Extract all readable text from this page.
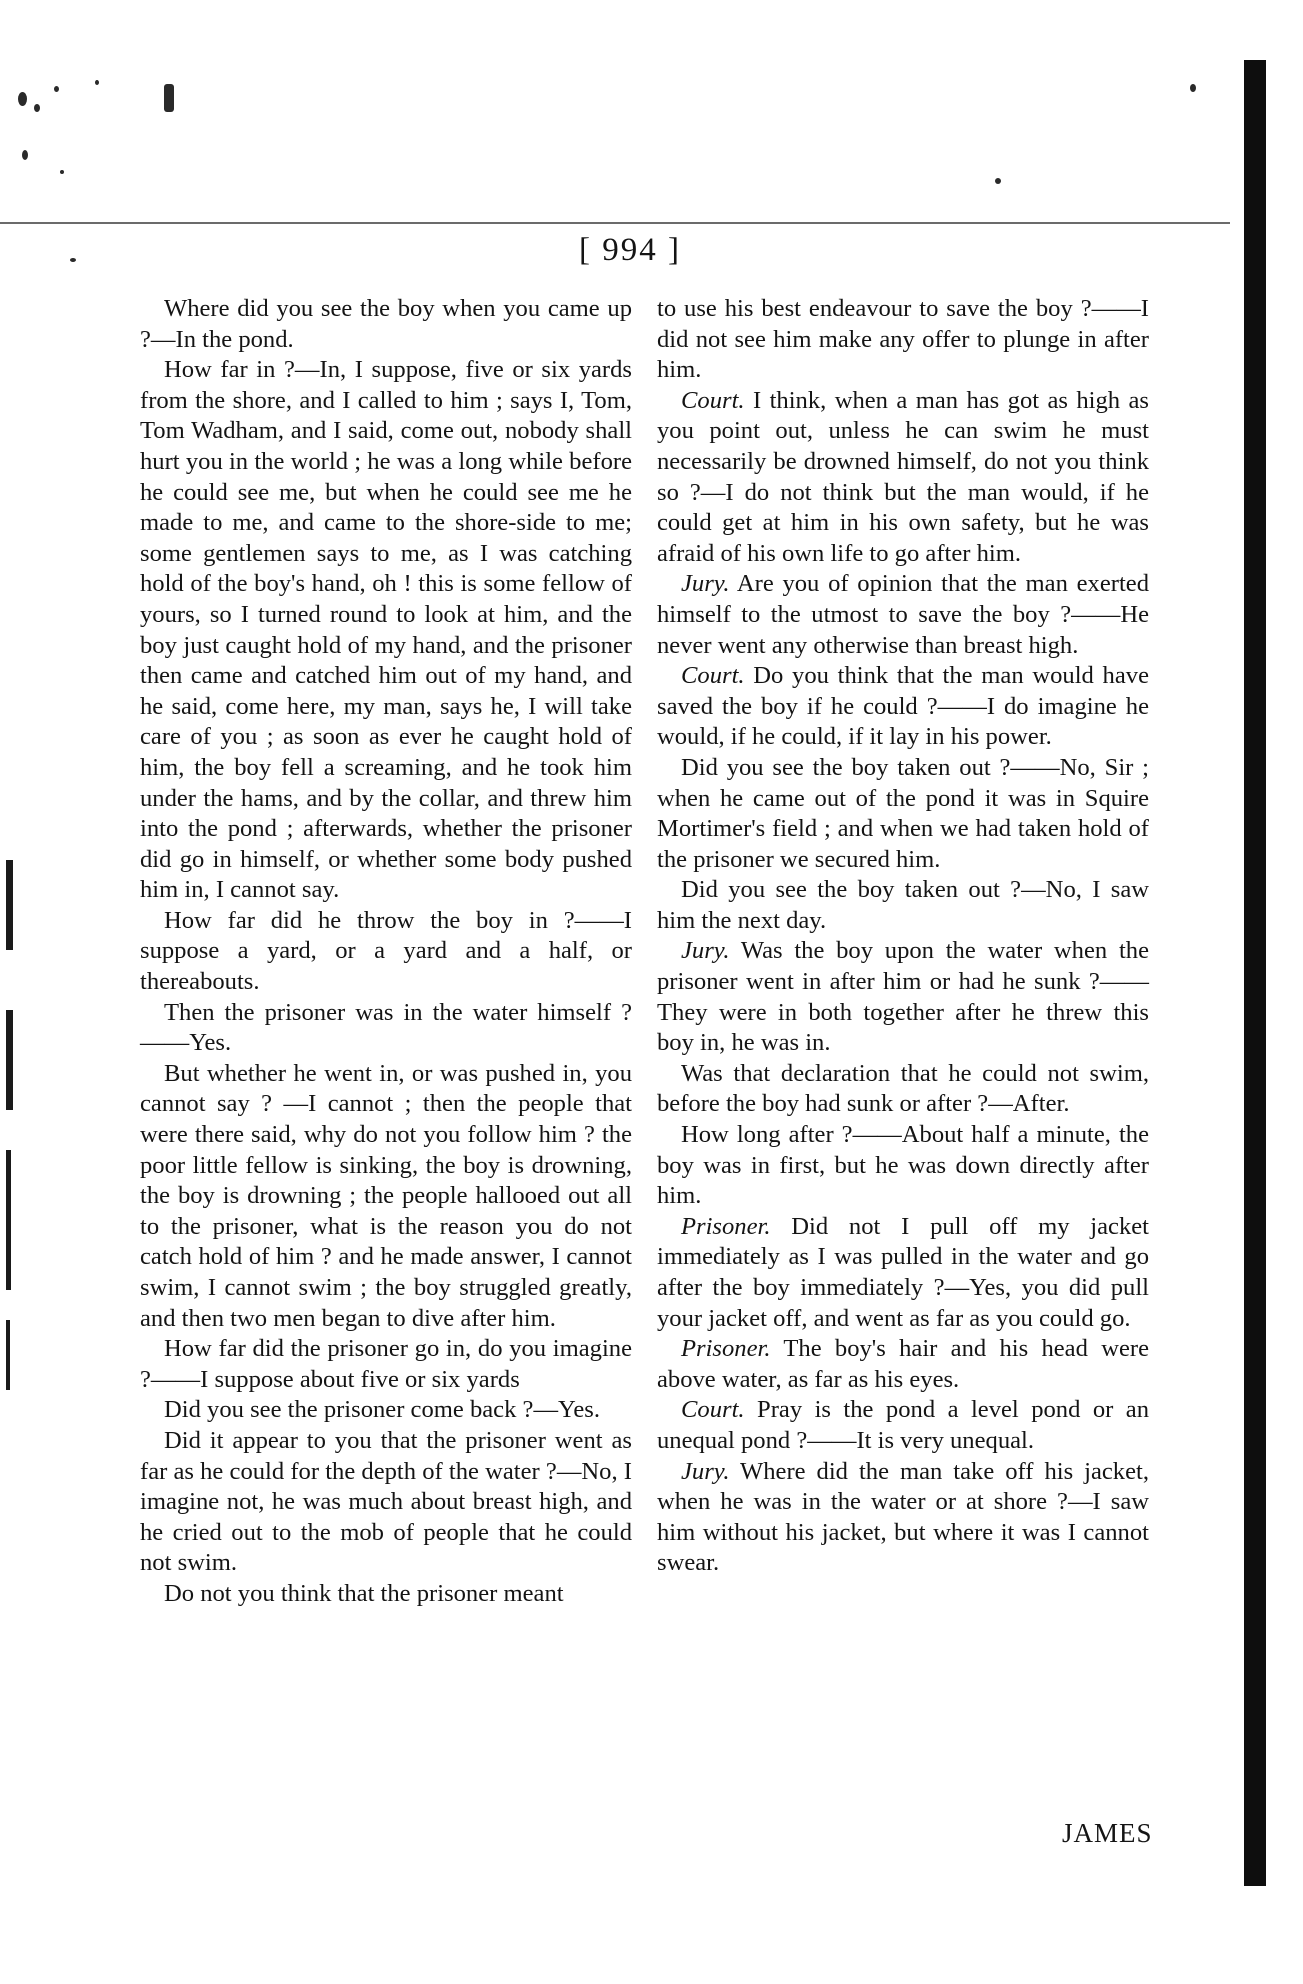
[ 994 ]

Where did you see the boy when you came up ?—In the pond.

How far in ?—In, I suppose, five or six yards from the shore, and I called to him ; says I, Tom, Tom Wadham, and I said, come out, nobody shall hurt you in the world ; he was a long while before he could see me, but when he could see me he made to me, and came to the shore-side to me; some gentlemen says to me, as I was catching hold of the boy's hand, oh ! this is some fellow of yours, so I turned round to look at him, and the boy just caught hold of my hand, and the prisoner then came and catched him out of my hand, and he said, come here, my man, says he, I will take care of you ; as soon as ever he caught hold of him, the boy fell a screaming, and he took him under the hams, and by the collar, and threw him into the pond ; afterwards, whether the prisoner did go in himself, or whether some body pushed him in, I cannot say.

How far did he throw the boy in ?——I suppose a yard, or a yard and a half, or thereabouts.

Then the prisoner was in the water himself ?——Yes.

But whether he went in, or was pushed in, you cannot say ? —I cannot ; then the people that were there said, why do not you follow him ? the poor little fellow is sinking, the boy is drowning, the boy is drowning ; the people hallooed out all to the prisoner, what is the reason you do not catch hold of him ? and he made answer, I cannot swim, I cannot swim ; the boy struggled greatly, and then two men began to dive after him.

How far did the prisoner go in, do you imagine ?——I suppose about five or six yards

Did you see the prisoner come back ?—Yes.

Did it appear to you that the prisoner went as far as he could for the depth of the water ?—No, I imagine not, he was much about breast high, and he cried out to the mob of people that he could not swim.

Do not you think that the prisoner meant

to use his best endeavour to save the boy ?——I did not see him make any offer to plunge in after him.

Court. I think, when a man has got as high as you point out, unless he can swim he must necessarily be drowned himself, do not you think so ?—I do not think but the man would, if he could get at him in his own safety, but he was afraid of his own life to go after him.

Jury. Are you of opinion that the man exerted himself to the utmost to save the boy ?——He never went any otherwise than breast high.

Court. Do you think that the man would have saved the boy if he could ?——I do imagine he would, if he could, if it lay in his power.

Did you see the boy taken out ?——No, Sir ; when he came out of the pond it was in Squire Mortimer's field ; and when we had taken hold of the prisoner we secured him.

Did you see the boy taken out ?—No, I saw him the next day.

Jury. Was the boy upon the water when the prisoner went in after him or had he sunk ?——They were in both together after he threw this boy in, he was in.

Was that declaration that he could not swim, before the boy had sunk or after ?—After.

How long after ?——About half a minute, the boy was in first, but he was down directly after him.

Prisoner. Did not I pull off my jacket immediately as I was pulled in the water and go after the boy immediately ?—Yes, you did pull your jacket off, and went as far as you could go.

Prisoner. The boy's hair and his head were above water, as far as his eyes.

Court. Pray is the pond a level pond or an unequal pond ?——It is very unequal.

Jury. Where did the man take off his jacket, when he was in the water or at shore ?—I saw him without his jacket, but where it was I cannot swear.

JAMES
